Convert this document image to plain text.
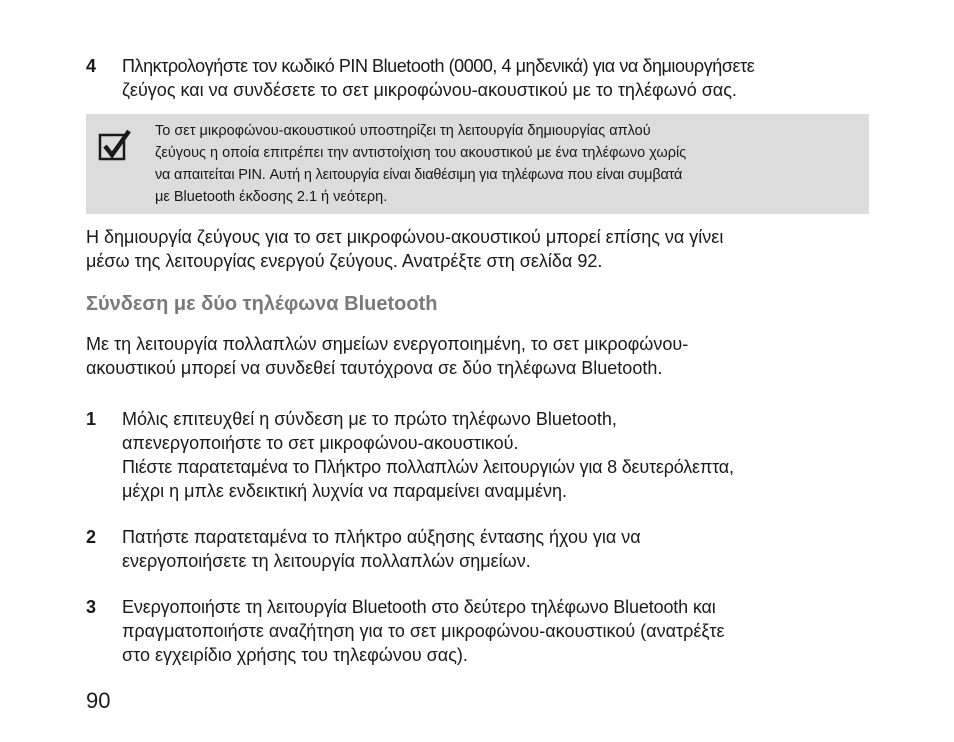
4 Πληκτρολογήστε τον κωδικό PIN Bluetooth (0000, 4 μηδενικά) για να δημιουργήσετε
ζεύγος και να συνδέσετε το σετ μικροφώνου-ακουστικού με το τηλέφωνό σας.
Το σετ μικροφώνου-ακουστικού υποστηρίζει τη λειτουργία δημιουργίας απλού
ζεύγους η οποία επιτρέπει την αντιστοίχιση του ακουστικού με ένα τηλέφωνο χωρίς
να απαιτείται PIN. Αυτή η λειτουργία είναι διαθέσιμη για τηλέφωνα που είναι συμβατά
με Bluetooth έκδοσης 2.1 ή νεότερη.
Η δημιουργία ζεύγους για το σετ μικροφώνου-ακουστικού μπορεί επίσης να γίνει
μέσω της λειτουργίας ενεργού ζεύγους. Ανατρέξτε στη σελίδα 92.
Σύνδεση με δύο τηλέφωνα Bluetooth
Με τη λειτουργία πολλαπλών σημείων ενεργοποιημένη, το σετ μικροφώνου-
ακουστικού μπορεί να συνδεθεί ταυτόχρονα σε δύο τηλέφωνα Bluetooth.
1 Μόλις επιτευχθεί η σύνδεση με το πρώτο τηλέφωνο Bluetooth,
απενεργοποιήστε το σετ μικροφώνου-ακουστικού.
Πιέστε παρατεταμένα το Πλήκτρο πολλαπλών λειτουργιών για 8 δευτερόλεπτα,
μέχρι η μπλε ενδεικτική λυχνία να παραμείνει αναμμένη.
2 Πατήστε παρατεταμένα το πλήκτρο αύξησης έντασης ήχου για να
ενεργοποιήσετε τη λειτουργία πολλαπλών σημείων.
3 Ενεργοποιήστε τη λειτουργία Bluetooth στο δεύτερο τηλέφωνο Bluetooth και
πραγματοποιήστε αναζήτηση για το σετ μικροφώνου-ακουστικού (ανατρέξτε
στο εγχειρίδιο χρήσης του τηλεφώνου σας).
90
